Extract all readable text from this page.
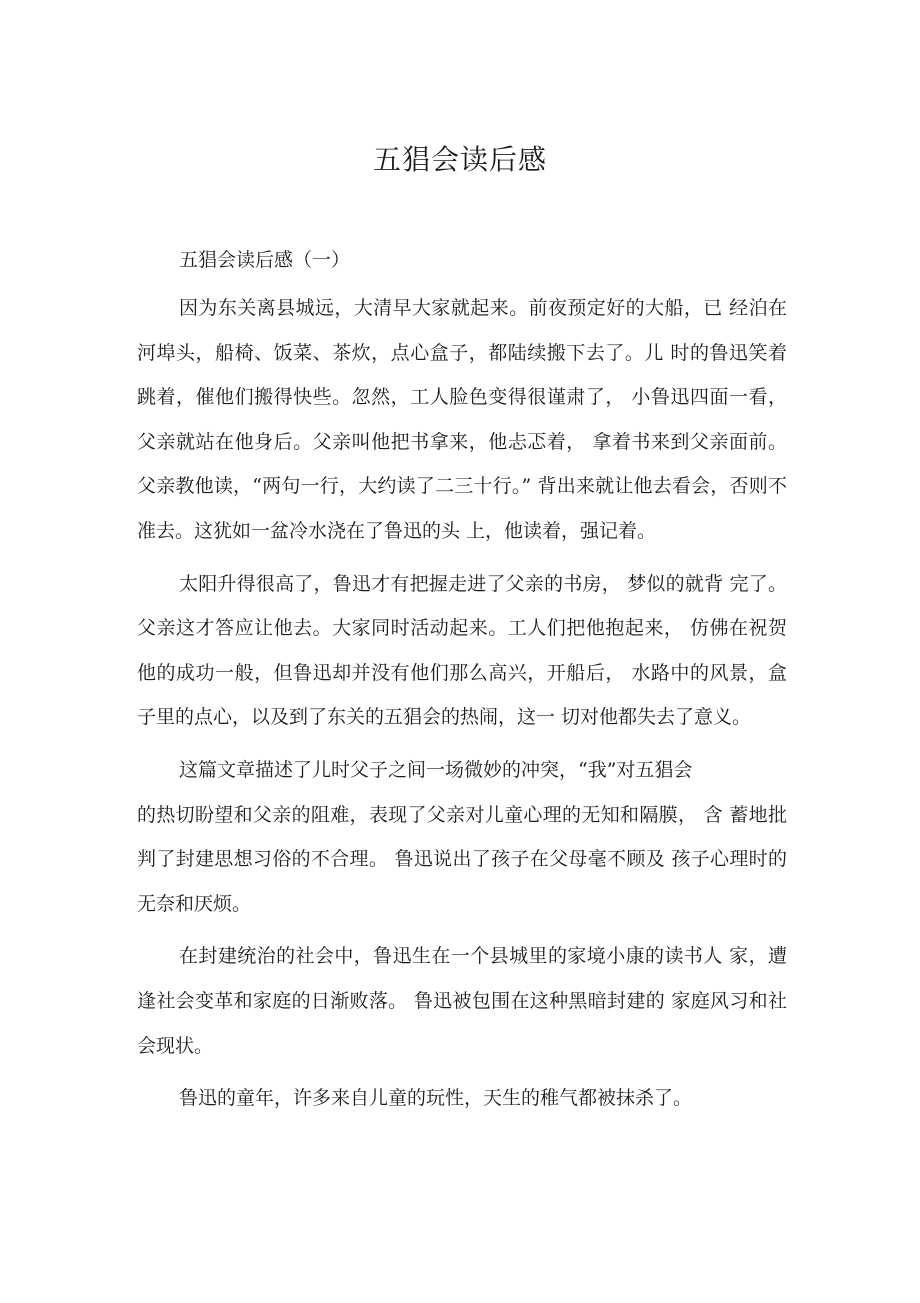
五猖会读后感

五猖会读后感（一）

因为东关离县城远，大清早大家就起来。前夜预定好的大船，已 经泊在河埠头，船椅、饭菜、茶炊，点心盒子，都陆续搬下去了。儿 时的鲁迅笑着跳着，催他们搬得快些。忽然，工人脸色变得很谨肃了， 小鲁迅四面一看，父亲就站在他身后。父亲叫他把书拿来，他忐忑着， 拿着书来到父亲面前。父亲教他读，“两句一行，大约读了二三十行。” 背出来就让他去看会，否则不准去。这犹如一盆冷水浇在了鲁迅的头 上，他读着，强记着。

太阳升得很高了，鲁迅才有把握走进了父亲的书房， 梦似的就背 完了。父亲这才答应让他去。大家同时活动起来。工人们把他抱起来， 仿佛在祝贺他的成功一般，但鲁迅却并没有他们那么高兴，开船后， 水路中的风景，盒子里的点心，以及到了东关的五猖会的热闹，这一 切对他都失去了意义。

这篇文章描述了儿时父子之间一场微妙的冲突，“我”对五猖会

的热切盼望和父亲的阻难，表现了父亲对儿童心理的无知和隔膜， 含 蓄地批判了封建思想习俗的不合理。 鲁迅说出了孩子在父母毫不顾及 孩子心理时的无奈和厌烦。

在封建统治的社会中，鲁迅生在一个县城里的家境小康的读书人 家，遭逢社会变革和家庭的日渐败落。 鲁迅被包围在这种黑暗封建的 家庭风习和社会现状。

鲁迅的童年，许多来自儿童的玩性，天生的稚气都被抹杀了。
